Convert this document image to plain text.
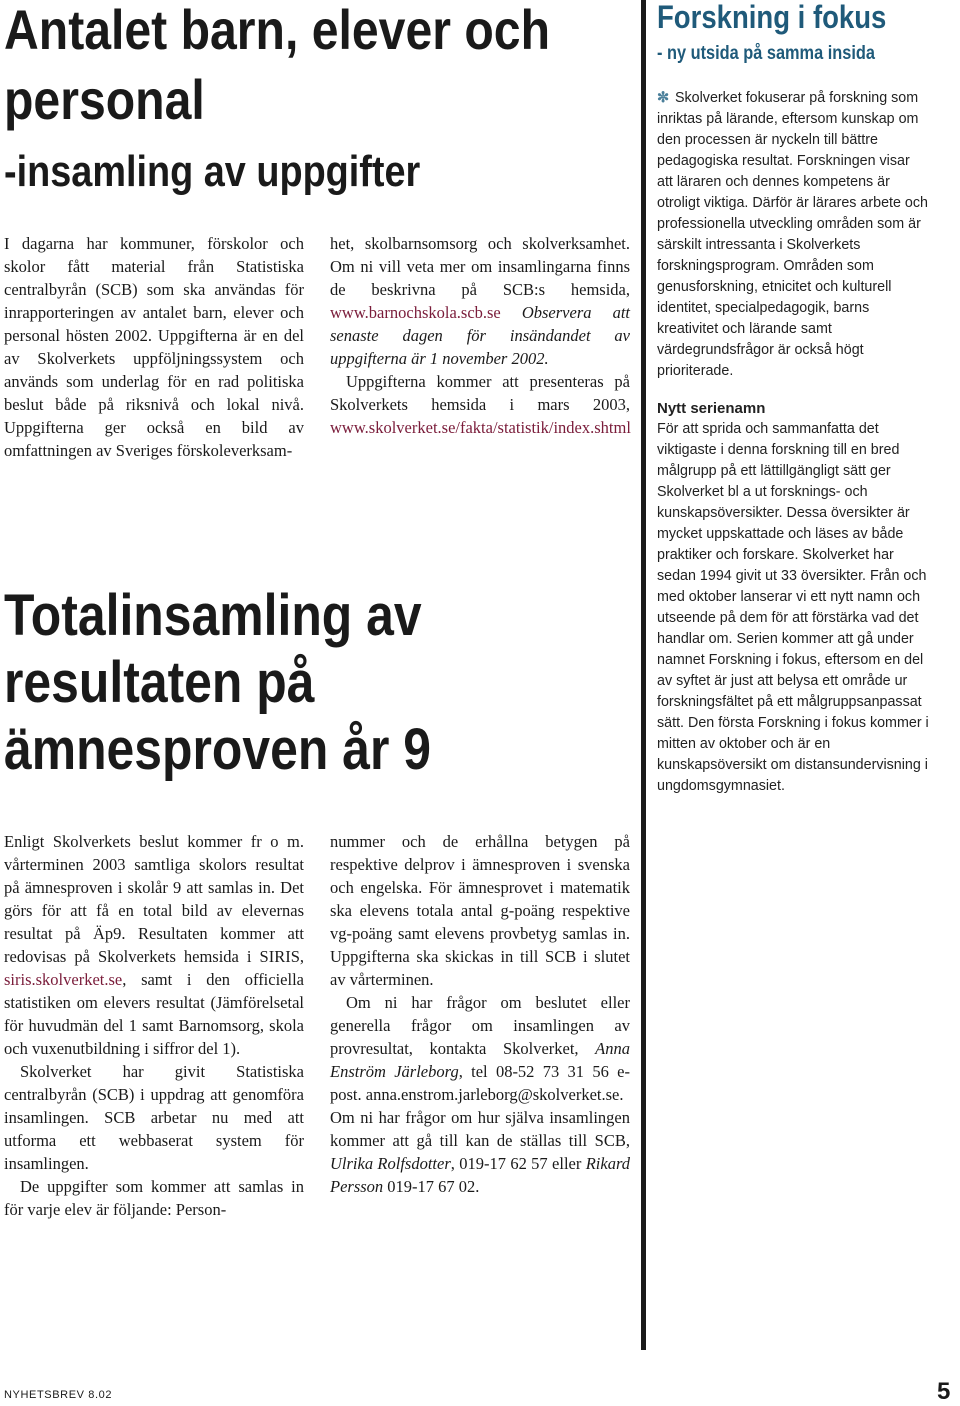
Antalet barn, elever och
personal
-insamling av uppgifter

I dagarna har kommuner, förskolor och skolor fått material från Statistiska centralbyrån (SCB) som ska användas för inrapporteringen av antalet barn, elever och personal hösten 2002. Uppgifterna är en del av Skolverkets uppföljningssystem och används som underlag för en rad politiska beslut både på riksnivå och lokal nivå. Uppgifterna ger också en bild av omfattningen av Sveriges förskoleverksam-

het, skolbarnsomsorg och skolverksamhet. Om ni vill veta mer om insamlingarna finns de beskrivna på SCB:s hemsida, www.barnochskola.scb.se Observera att senaste dagen för insändandet av uppgifterna är 1 november 2002.

Uppgifterna kommer att presenteras på Skolverkets hemsida i mars 2003, www.skolverket.se/fakta/statistik/index.shtml

Totalinsamling av
resultaten på
ämnesproven år 9

Enligt Skolverkets beslut kommer fr o m. vårterminen 2003 samtliga skolors resultat på ämnesproven i skolår 9 att samlas in. Det görs för att få en total bild av elevernas resultat på Äp9. Resultaten kommer att redovisas på Skolverkets hemsida i SIRIS, siris.skolverket.se, samt i den officiella statistiken om elevers resultat (Jämförelsetal för huvudmän del 1 samt Barnomsorg, skola och vuxenutbildning i siffror del 1).

Skolverket har givit Statistiska centralbyrån (SCB) i uppdrag att genomföra insamlingen. SCB arbetar nu med att utforma ett webbaserat system för insamlingen.

De uppgifter som kommer att samlas in för varje elev är följande: Person-

nummer och de erhållna betygen på respektive delprov i ämnesproven i svenska och engelska. För ämnesprovet i matematik ska elevens totala antal g-poäng respektive vg-poäng samt elevens provbetyg samlas in. Uppgifterna ska skickas in till SCB i slutet av vårterminen.

Om ni har frågor om beslutet eller generella frågor om insamlingen av provresultat, kontakta Skolverket, Anna Enström Järleborg, tel 08-52 73 31 56 e-post. anna.enstrom.jarleborg@skolverket.se.

Om ni har frågor om hur själva insamlingen kommer att gå till kan de ställas till SCB, Ulrika Rolfsdotter, 019-17 62 57 eller Rikard Persson 019-17 67 02.

Forskning i fokus
- ny utsida på samma insida

✼ Skolverket fokuserar på forskning som inriktas på lärande, eftersom kunskap om den processen är nyckeln till bättre pedagogiska resultat. Forskningen visar att läraren och dennes kompetens är otroligt viktiga. Därför är lärares arbete och professionella utveckling områden som är särskilt intressanta i Skolverkets forskningsprogram. Områden som genusforskning, etnicitet och kulturell identitet, specialpedagogik, barns kreativitet och lärande samt värdegrundsfrågor är också högt prioriterade.

Nytt serienamn

För att sprida och sammanfatta det viktigaste i denna forskning till en bred målgrupp på ett lättillgängligt sätt ger Skolverket bl a ut forsknings- och kunskapsöversikter. Dessa översikter är mycket uppskattade och läses av både praktiker och forskare. Skolverket har sedan 1994 givit ut 33 översikter. Från och med oktober lanserar vi ett nytt namn och utseende på dem för att förstärka vad det handlar om. Serien kommer att gå under namnet Forskning i fokus, eftersom en del av syftet är just att belysa ett område ur forskningsfältet på ett målgruppsanpassat sätt. Den första Forskning i fokus kommer i mitten av oktober och är en kunskapsöversikt om distansundervisning i ungdomsgymnasiet.

NYHETSBREV 8.02	5
